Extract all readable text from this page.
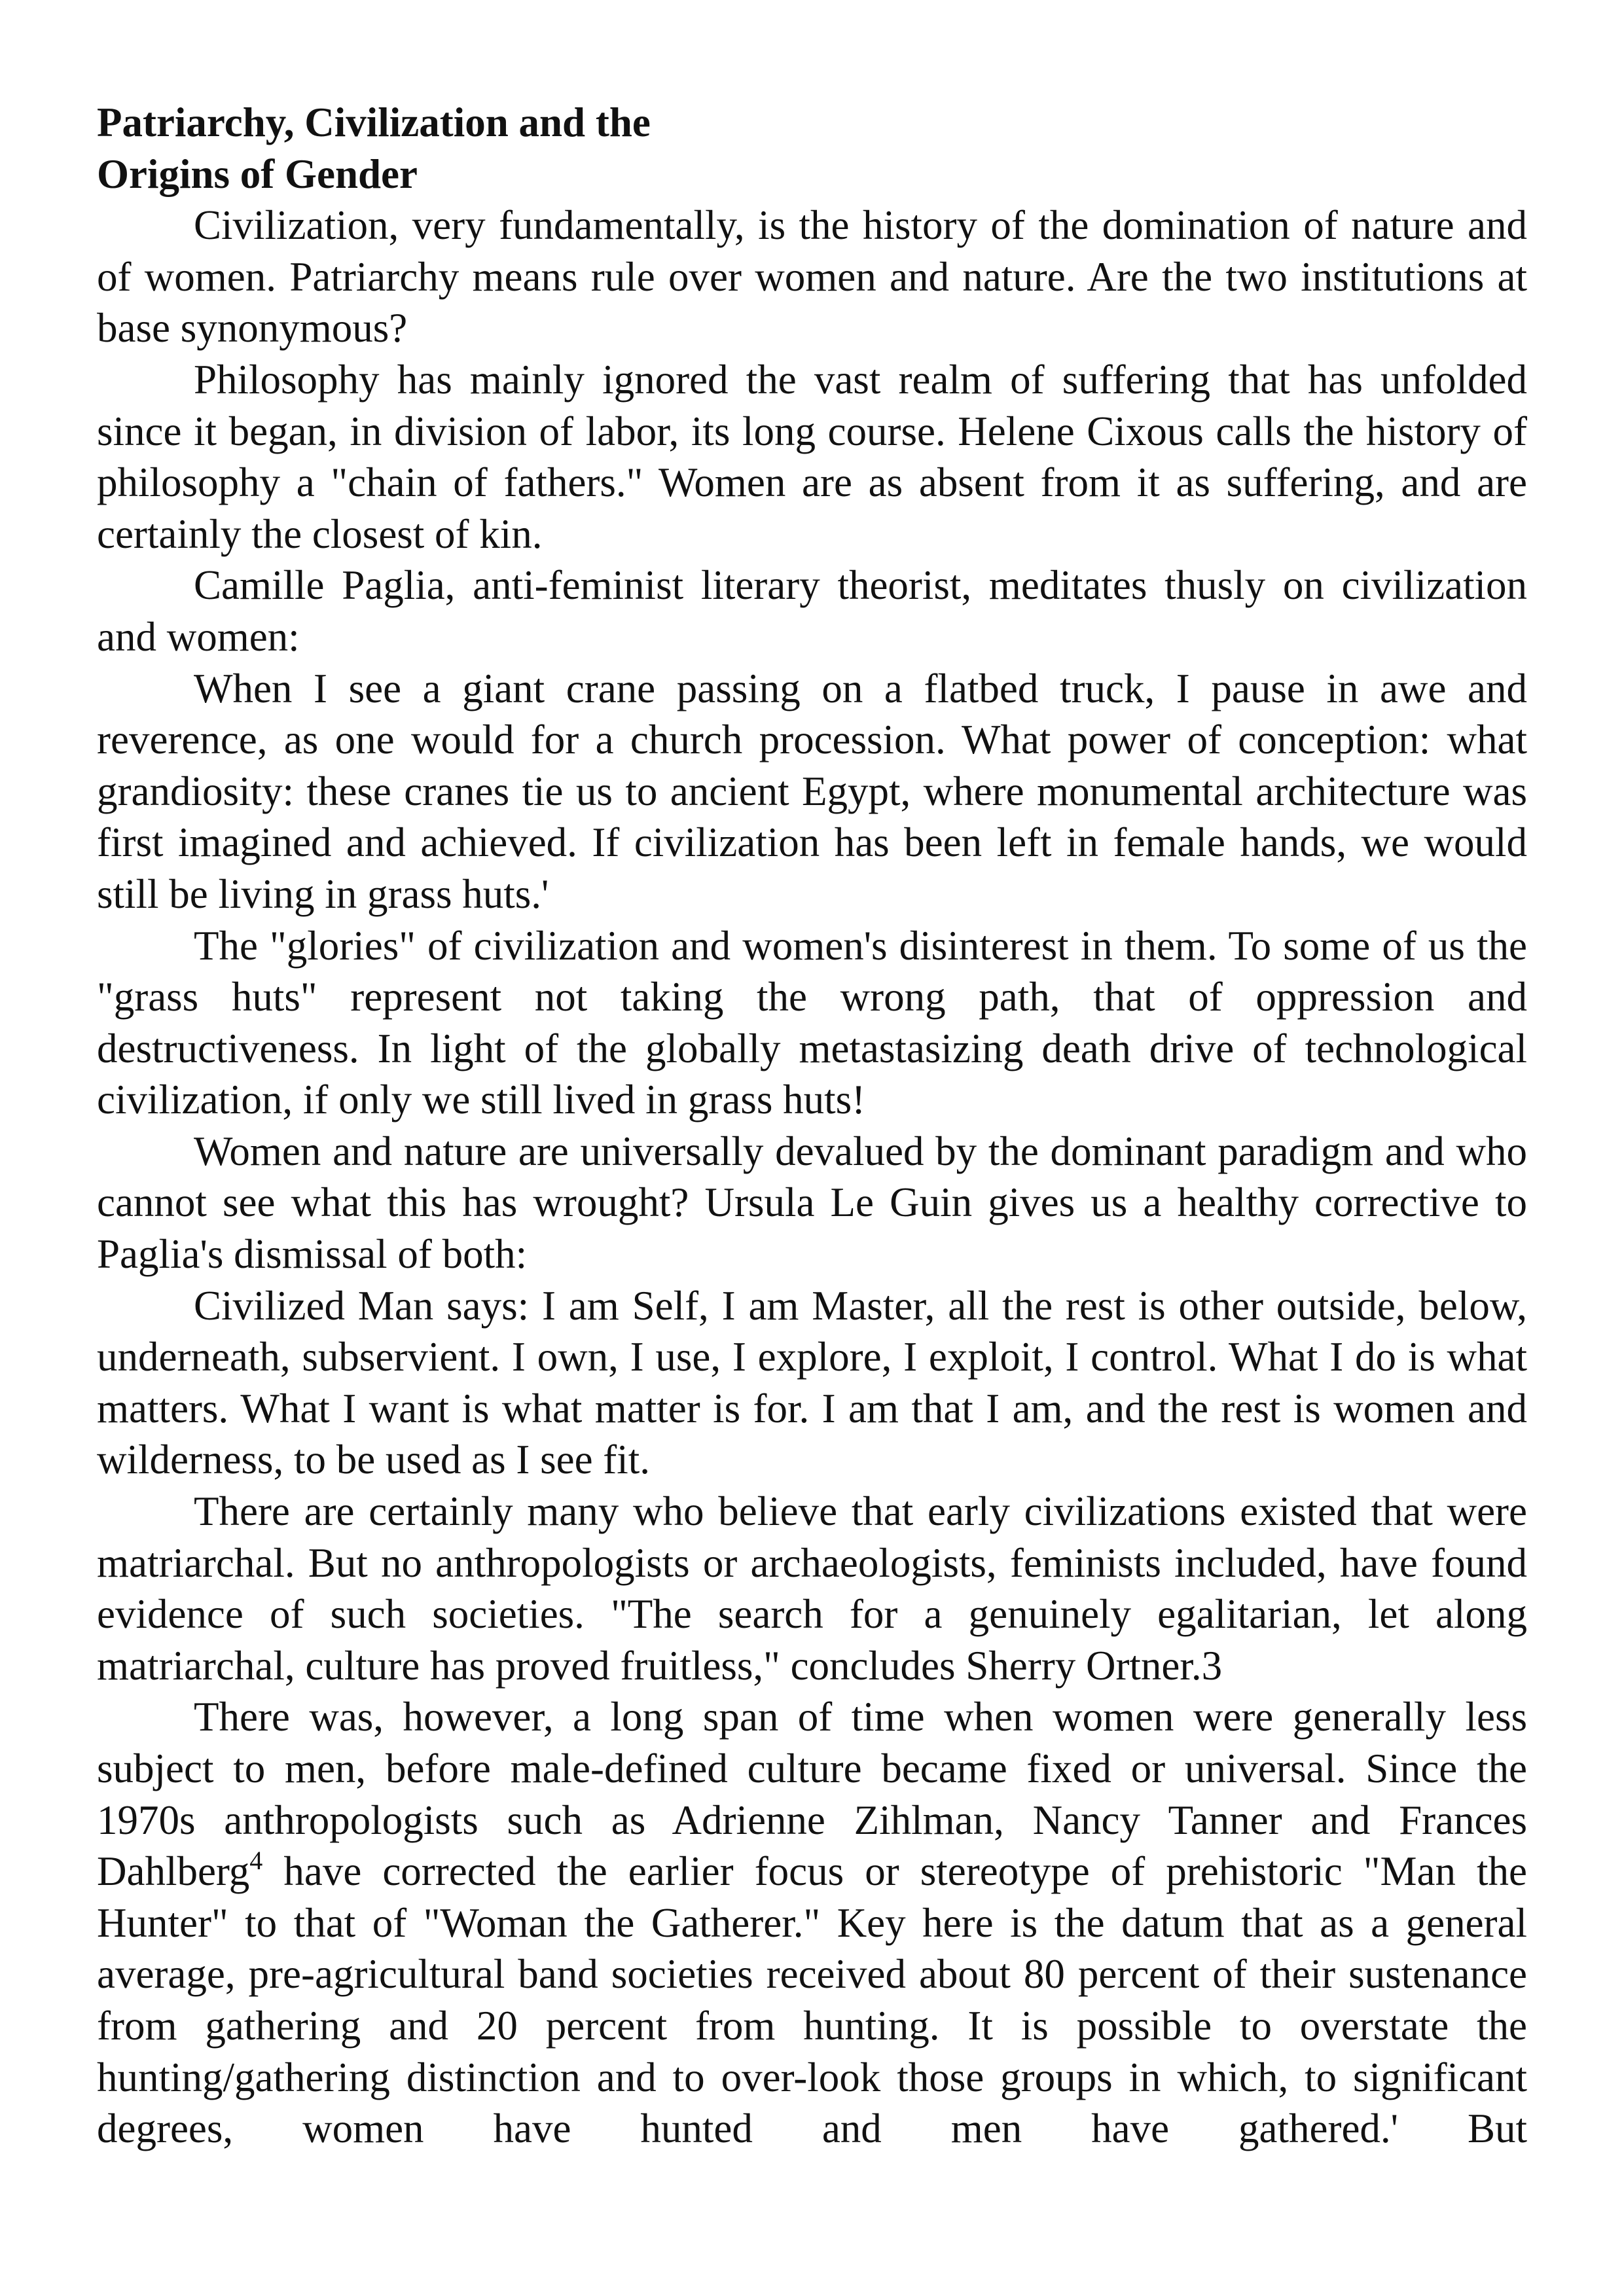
Patriarchy, Civilization and the
Origins of Gender

Civilization, very fundamentally, is the history of the domination of nature and of women. Patriarchy means rule over women and nature. Are the two institutions at base synonymous?

Philosophy has mainly ignored the vast realm of suffering that has unfolded since it began, in division of labor, its long course. Helene Cixous calls the history of philosophy a "chain of fathers." Women are as absent from it as suffering, and are certainly the closest of kin.

Camille Paglia, anti-feminist literary theorist, meditates thusly on civilization and women:

When I see a giant crane passing on a flatbed truck, I pause in awe and reverence, as one would for a church procession. What power of conception: what grandiosity: these cranes tie us to ancient Egypt, where monumental architecture was first imagined and achieved. If civilization has been left in female hands, we would still be living in grass huts.'

The "glories" of civilization and women's disinterest in them. To some of us the "grass huts" represent not taking the wrong path, that of oppression and destructiveness. In light of the globally metastasizing death drive of technological civilization, if only we still lived in grass huts!

Women and nature are universally devalued by the dominant paradigm and who cannot see what this has wrought? Ursula Le Guin gives us a healthy corrective to Paglia's dismissal of both:

Civilized Man says: I am Self, I am Master, all the rest is other outside, below, underneath, subservient. I own, I use, I explore, I exploit, I control. What I do is what matters. What I want is what matter is for. I am that I am, and the rest is women and wilderness, to be used as I see fit.

There are certainly many who believe that early civilizations existed that were matriarchal. But no anthropologists or archaeologists, feminists included, have found evidence of such societies. "The search for a genuinely egalitarian, let along matriarchal, culture has proved fruitless," concludes Sherry Ortner.3

There was, however, a long span of time when women were generally less subject to men, before male-defined culture became fixed or universal. Since the 1970s anthropologists such as Adrienne Zihlman, Nancy Tanner and Frances Dahlberg$^4$ have corrected the earlier focus or stereotype of prehistoric "Man the Hunter" to that of "Woman the Gatherer." Key here is the datum that as a general average, pre-agricultural band societies received about 80 percent of their sustenance from gathering and 20 percent from hunting. It is possible to overstate the hunting/gathering distinction and to over-look those groups in which, to significant degrees, women have hunted and men have gathered.' But
